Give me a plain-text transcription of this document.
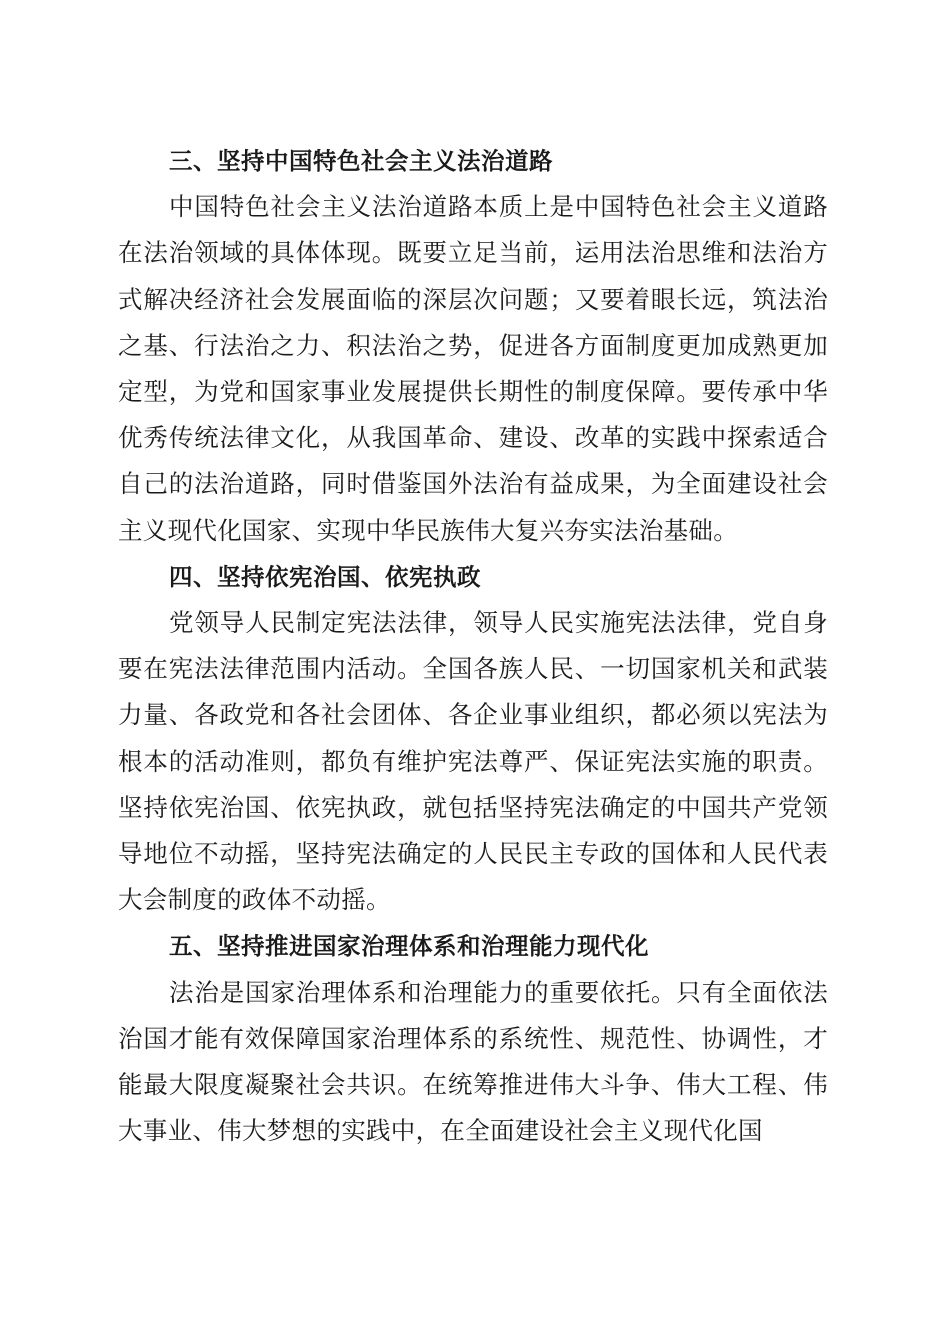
三、坚持中国特色社会主义法治道路

中国特色社会主义法治道路本质上是中国特色社会主义道路在法治领域的具体体现。既要立足当前，运用法治思维和法治方式解决经济社会发展面临的深层次问题；又要着眼长远，筑法治之基、行法治之力、积法治之势，促进各方面制度更加成熟更加定型，为党和国家事业发展提供长期性的制度保障。要传承中华优秀传统法律文化，从我国革命、建设、改革的实践中探索适合自己的法治道路，同时借鉴国外法治有益成果，为全面建设社会主义现代化国家、实现中华民族伟大复兴夯实法治基础。

四、坚持依宪治国、依宪执政

党领导人民制定宪法法律，领导人民实施宪法法律，党自身要在宪法法律范围内活动。全国各族人民、一切国家机关和武装力量、各政党和各社会团体、各企业事业组织，都必须以宪法为根本的活动准则，都负有维护宪法尊严、保证宪法实施的职责。坚持依宪治国、依宪执政，就包括坚持宪法确定的中国共产党领导地位不动摇，坚持宪法确定的人民民主专政的国体和人民代表大会制度的政体不动摇。

五、坚持推进国家治理体系和治理能力现代化

法治是国家治理体系和治理能力的重要依托。只有全面依法治国才能有效保障国家治理体系的系统性、规范性、协调性，才能最大限度凝聚社会共识。在统筹推进伟大斗争、伟大工程、伟大事业、伟大梦想的实践中，在全面建设社会主义现代化国
